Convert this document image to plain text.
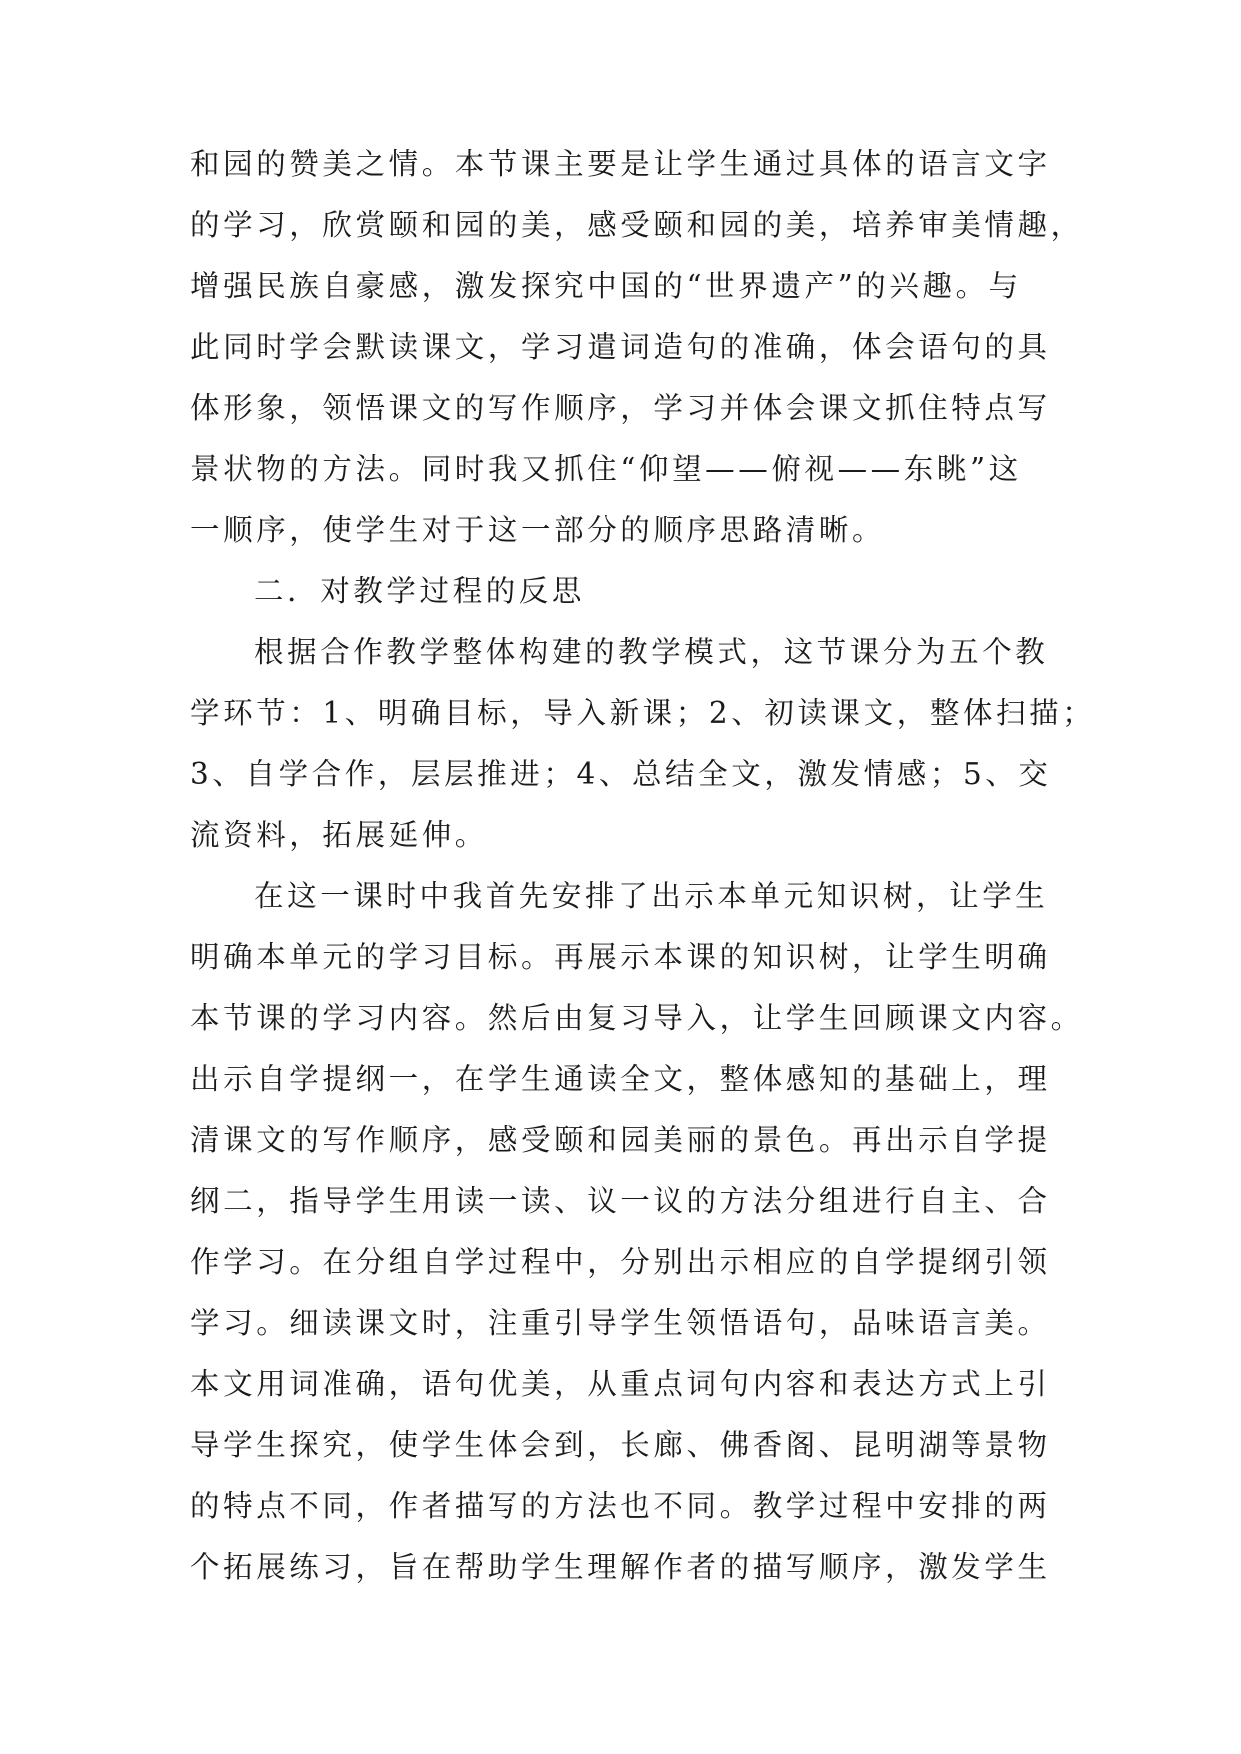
和园的赞美之情。本节课主要是让学生通过具体的语言文字
的学习，欣赏颐和园的美，感受颐和园的美，培养审美情趣，
增强民族自豪感，激发探究中国的“世界遗产”的兴趣。与
此同时学会默读课文，学习遣词造句的准确，体会语句的具
体形象，领悟课文的写作顺序，学习并体会课文抓住特点写
景状物的方法。同时我又抓住“仰望——俯视——东眺”这
一顺序，使学生对于这一部分的顺序思路清晰。
二．对教学过程的反思
根据合作教学整体构建的教学模式，这节课分为五个教
学环节：1、明确目标，导入新课；2、初读课文，整体扫描；
3、自学合作，层层推进；4、总结全文，激发情感；5、交
流资料，拓展延伸。
在这一课时中我首先安排了出示本单元知识树，让学生
明确本单元的学习目标。再展示本课的知识树，让学生明确
本节课的学习内容。然后由复习导入，让学生回顾课文内容。
出示自学提纲一，在学生通读全文，整体感知的基础上，理
清课文的写作顺序，感受颐和园美丽的景色。再出示自学提
纲二，指导学生用读一读、议一议的方法分组进行自主、合
作学习。在分组自学过程中，分别出示相应的自学提纲引领
学习。细读课文时，注重引导学生领悟语句，品味语言美。
本文用词准确，语句优美，从重点词句内容和表达方式上引
导学生探究，使学生体会到，长廊、佛香阁、昆明湖等景物
的特点不同，作者描写的方法也不同。教学过程中安排的两
个拓展练习，旨在帮助学生理解作者的描写顺序，激发学生
